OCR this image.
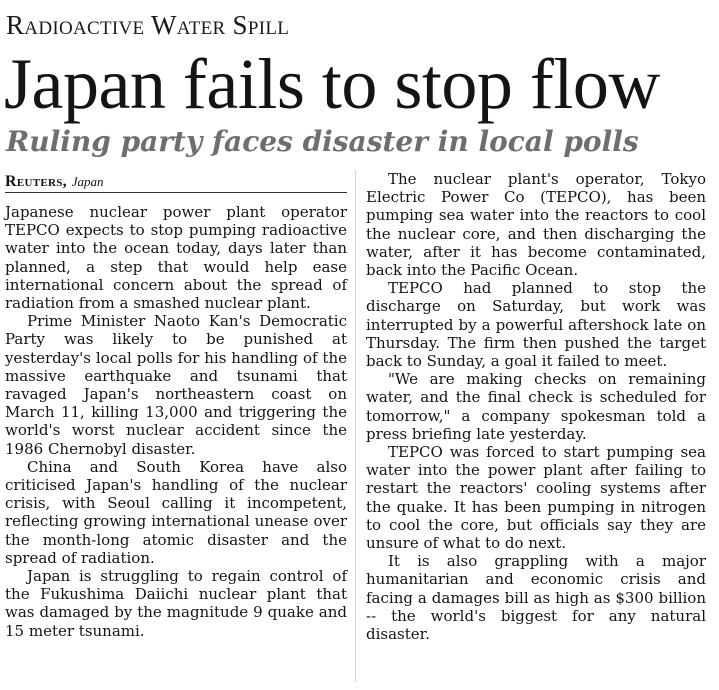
Radioactive Water Spill
Japan fails to stop flow
Ruling party faces disaster in local polls
Reuters, Japan

Japanese nuclear power plant operator TEPCO expects to stop pumping radioactive water into the ocean today, days later than planned, a step that would help ease international concern about the spread of radiation from a smashed nuclear plant.

Prime Minister Naoto Kan's Democratic Party was likely to be punished at yesterday's local polls for his handling of the massive earthquake and tsunami that ravaged Japan's northeastern coast on March 11, killing 13,000 and triggering the world's worst nuclear accident since the 1986 Chernobyl disaster.

China and South Korea have also criticised Japan's handling of the nuclear crisis, with Seoul calling it incompetent, reflecting growing international unease over the month-long atomic disaster and the spread of radiation.

Japan is struggling to regain control of the Fukushima Daiichi nuclear plant that was damaged by the magnitude 9 quake and 15 meter tsunami.

The nuclear plant's operator, Tokyo Electric Power Co (TEPCO), has been pumping sea water into the reactors to cool the nuclear core, and then discharging the water, after it has become contaminated, back into the Pacific Ocean.

TEPCO had planned to stop the discharge on Saturday, but work was interrupted by a powerful aftershock late on Thursday. The firm then pushed the target back to Sunday, a goal it failed to meet.

"We are making checks on remaining water, and the final check is scheduled for tomorrow," a company spokesman told a press briefing late yesterday.

TEPCO was forced to start pumping sea water into the power plant after failing to restart the reactors' cooling systems after the quake. It has been pumping in nitrogen to cool the core, but officials say they are unsure of what to do next.

It is also grappling with a major humanitarian and economic crisis and facing a damages bill as high as $300 billion -- the world's biggest for any natural disaster.
